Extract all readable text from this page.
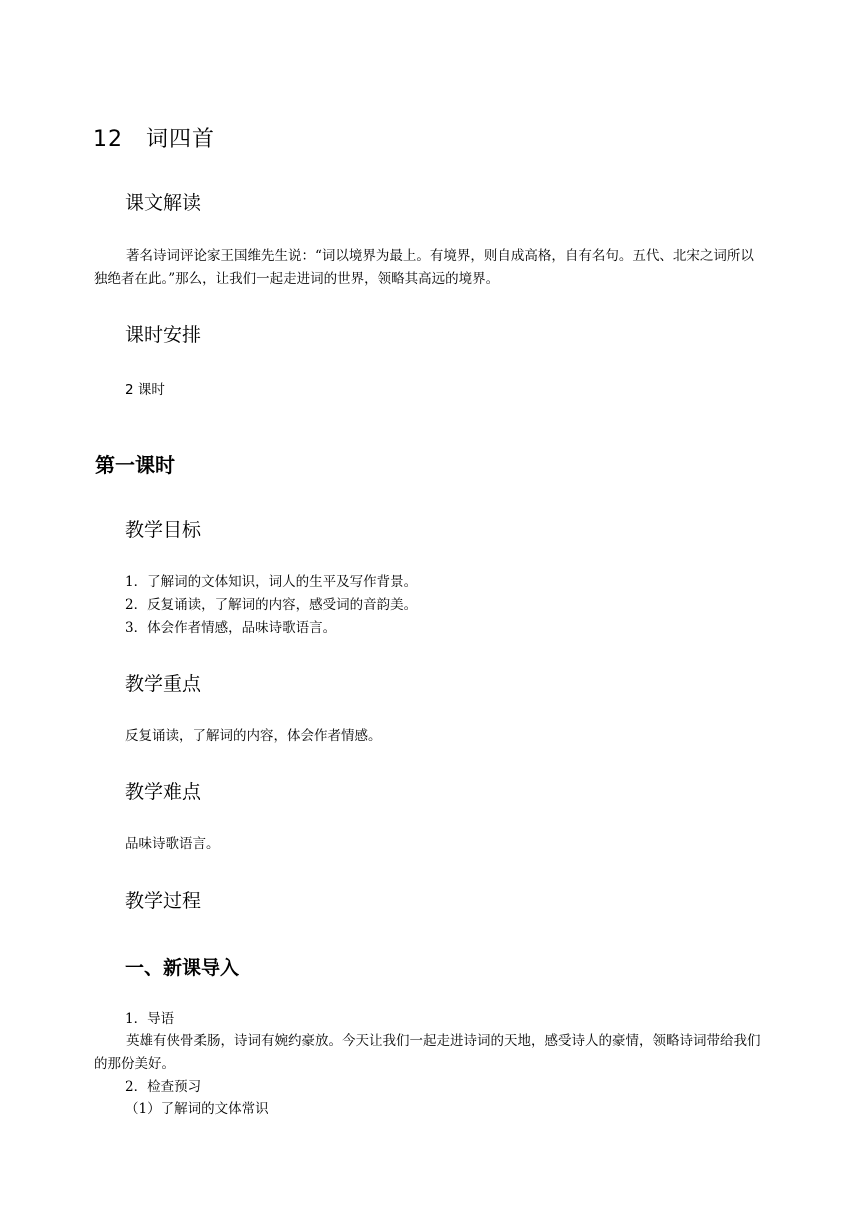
12　词四首
课文解读
著名诗词评论家王国维先生说：“词以境界为最上。有境界，则自成高格，自有名句。五代、北宋之词所以独绝者在此。”那么，让我们一起走进词的世界，领略其高远的境界。
课时安排
2 课时
第一课时
教学目标
1．了解词的文体知识，词人的生平及写作背景。
2．反复诵读，了解词的内容，感受词的音韵美。
3．体会作者情感，品味诗歌语言。
教学重点
反复诵读，了解词的内容，体会作者情感。
教学难点
品味诗歌语言。
教学过程
一、新课导入
1．导语
英雄有侠骨柔肠，诗词有婉约豪放。今天让我们一起走进诗词的天地，感受诗人的豪情，领略诗词带给我们的那份美好。
2．检查预习
（1）了解词的文体常识
